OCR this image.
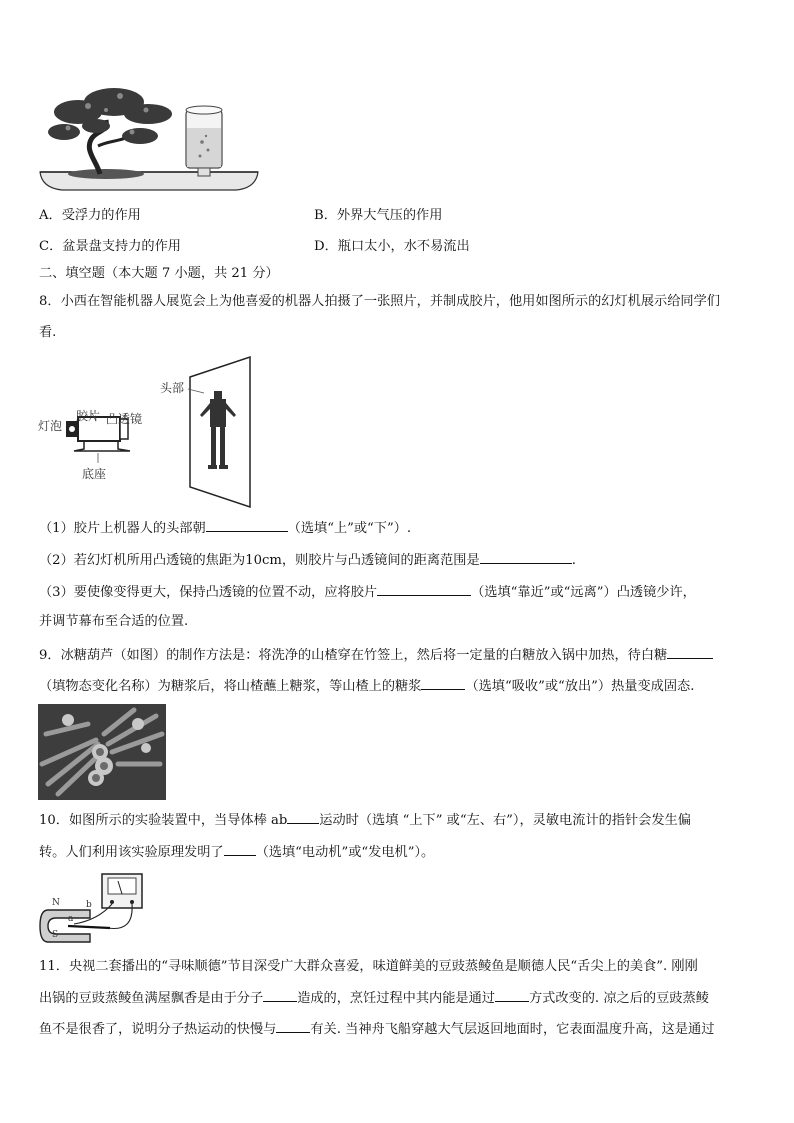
A．受浮力的作用	B．外界大气压的作用
C．盆景盘支持力的作用	D．瓶口太小，水不易流出
二、填空题（本大题 7 小题，共 21 分）
8．小西在智能机器人展览会上为他喜爱的机器人拍摄了一张照片，并制成胶片，他用如图所示的幻灯机展示给同学们
看.
头部
灯泡
胶片 凸透镜
底座
（1）胶片上机器人的头部朝	（选填“上”或“下”）.
（2）若幻灯机所用凸透镜的焦距为10cm，则胶片与凸透镜间的距离范围是	.
（3）要使像变得更大，保持凸透镜的位置不动，应将胶片	（选填“靠近”或“远离”）凸透镜少许，
并调节幕布至合适的位置.
9．冰糖葫芦（如图）的制作方法是：将洗净的山楂穿在竹签上，然后将一定量的白糖放入锅中加热，待白糖
（填物态变化名称）为糖浆后，将山楂蘸上糖浆，等山楂上的糖浆	（选填“吸收”或“放出”）热量变成固态.
10．如图所示的实验装置中，当导体棒 ab 运动时（选填 “上下” 或“左、右”），灵敏电流计的指针会发生偏
转。人们利用该实验原理发明了 （选填“电动机”或“发电机”）。
N
S
a
b
11．央视二套播出的“寻味顺德”节目深受广大群众喜爱，味道鲜美的豆豉蒸鲮鱼是顺德人民“舌尖上的美食”. 刚刚
出锅的豆豉蒸鲮鱼满屋飘香是由于分子	造成的，烹饪过程中其内能是通过	方式改变的. 凉之后的豆豉蒸鲮
鱼不是很香了，说明分子热运动的快慢与	有关. 当神舟飞船穿越大气层返回地面时，它表面温度升高，这是通过
